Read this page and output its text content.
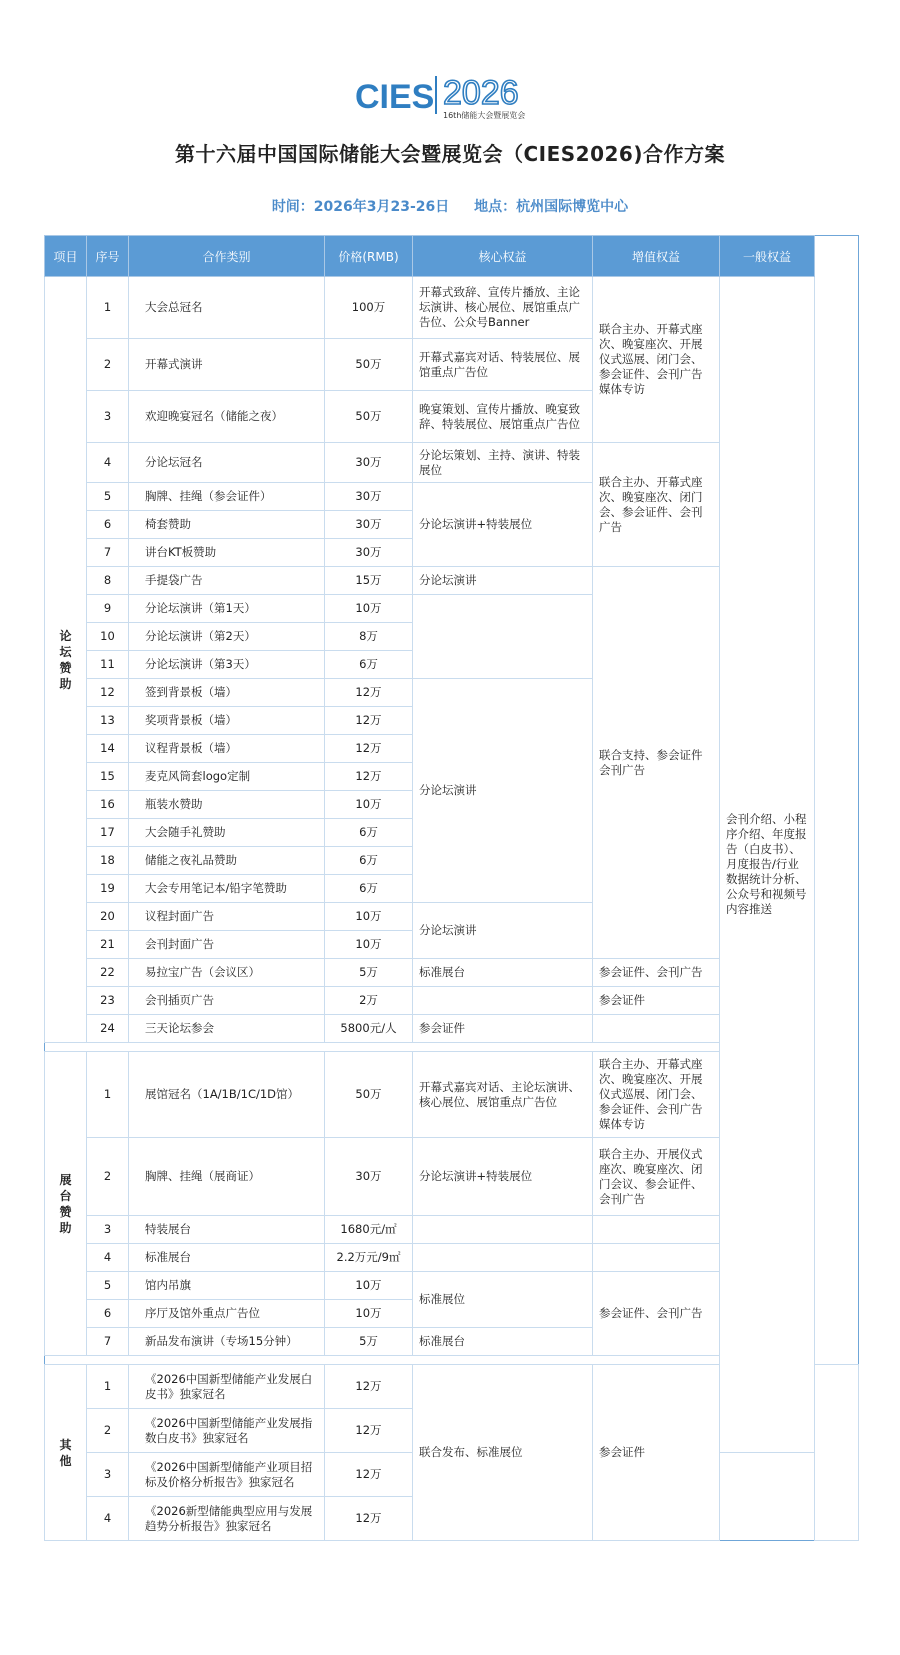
CIES 2026
16th储能大会暨展览会
第十六届中国国际储能大会暨展览会（CIES2026)合作方案
时间：2026年3月23-26日 地点：杭州国际博览中心
项目	序号	合作类别	价格(RMB)	核心权益	增值权益	一般权益	

论坛赞助	1	大会总冠名	100万	开幕式致辞、宣传片播放、主论坛演讲、核心展位、展馆重点广告位、公众号Banner	联合主办、开幕式座次、晚宴座次、开展仪式巡展、闭门会、参会证件、会刊广告媒体专访	会刊介绍、小程序介绍、年度报告（白皮书）、月度报告/行业数据统计分析、公众号和视频号内容推送	
	2	开幕式演讲	50万	开幕式嘉宾对话、特装展位、展馆重点广告位			
	3	欢迎晚宴冠名（储能之夜）	50万	晚宴策划、宣传片播放、晚宴致辞、特装展位、展馆重点广告位			
	4	分论坛冠名	30万	分论坛策划、主持、演讲、特装展位	联合主办、开幕式座次、晚宴座次、闭门会、参会证件、会刊广告		
	5	胸牌、挂绳（参会证件）	30万	分论坛演讲+特装展位			
	6	椅套赞助	30万				
	7	讲台KT板赞助	30万				
	8	手提袋广告	15万	分论坛演讲	联合支持、参会证件会刊广告		
	9	分论坛演讲（第1天）	10万				
	10	分论坛演讲（第2天）	8万				
	11	分论坛演讲（第3天）	6万				
	12	签到背景板（墙）	12万	分论坛演讲			
	13	奖项背景板（墙）	12万				
	14	议程背景板（墙）	12万				
	15	麦克风筒套logo定制	12万				
	16	瓶装水赞助	10万				
	17	大会随手礼赞助	6万				
	18	储能之夜礼品赞助	6万				
	19	大会专用笔记本/铅字笔赞助	6万				
	20	议程封面广告	10万	分论坛演讲			
	21	会刊封面广告	10万				
	22	易拉宝广告（会议区）	5万	标准展台	参会证件、会刊广告		
	23	会刊插页广告	2万		参会证件		
	24	三天论坛参会	5800元/人	参会证件			

展台赞助	1	展馆冠名（1A/1B/1C/1D馆）	50万	开幕式嘉宾对话、主论坛演讲、核心展位、展馆重点广告位	联合主办、开幕式座次、晚宴座次、开展仪式巡展、闭门会、参会证件、会刊广告媒体专访		
	2	胸牌、挂绳（展商证）	30万	分论坛演讲+特装展位	联合主办、开展仪式座次、晚宴座次、闭门会议、参会证件、会刊广告		
	3	特装展台	1680元/㎡				
	4	标准展台	2.2万元/9㎡				
	5	馆内吊旗	10万	标准展位	参会证件、会刊广告		
	6	序厅及馆外重点广告位	10万				
	7	新品发布演讲（专场15分钟）	5万	标准展台			

其他	1	《2026中国新型储能产业发展白皮书》独家冠名	12万	联合发布、标准展位	参会证件		
	2	《2026中国新型储能产业发展指数白皮书》独家冠名	12万				
	3	《2026中国新型储能产业项目招标及价格分析报告》独家冠名	12万				
	4	《2026新型储能典型应用与发展趋势分析报告》独家冠名	12万				
